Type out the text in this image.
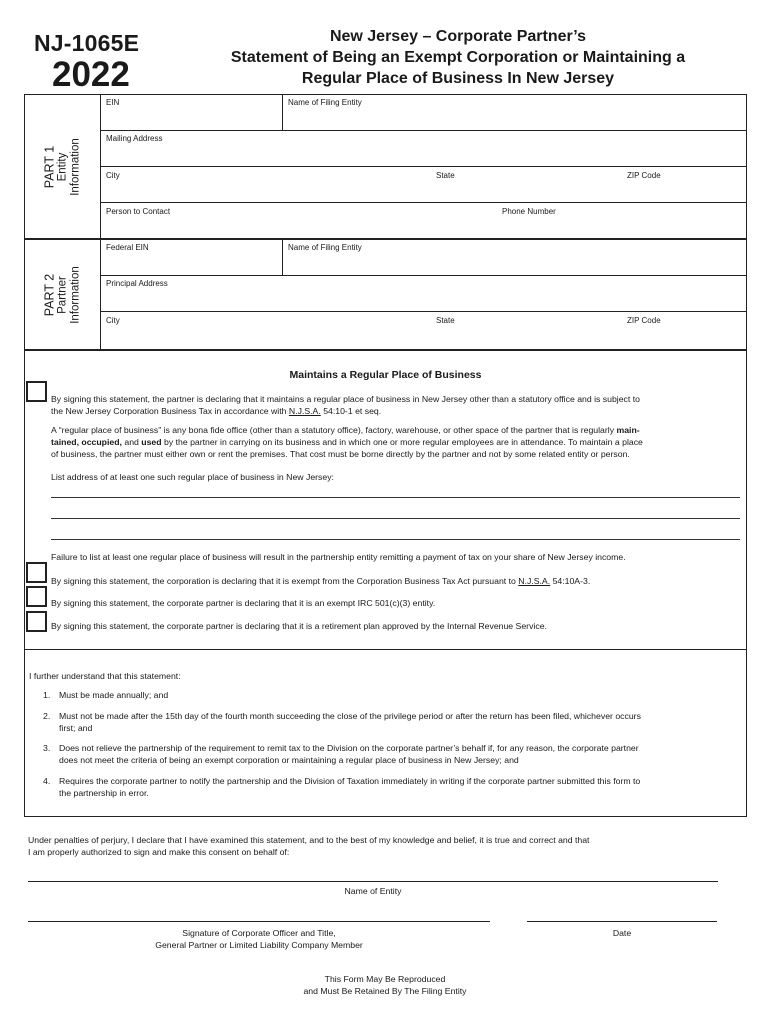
NJ-1065E
2022
New Jersey – Corporate Partner’s
Statement of Being an Exempt Corporation or Maintaining a
Regular Place of Business In New Jersey
PART 1 Entity Information
EIN	Name of Filing Entity
Mailing Address
City	State	ZIP Code
Person to Contact	Phone Number
PART 2 Partner Information
Federal EIN	Name of Filing Entity
Principal Address
City	State	ZIP Code
Maintains a Regular Place of Business
By signing this statement, the partner is declaring that it maintains a regular place of business in New Jersey other than a statutory office and is subject to
the New Jersey Corporation Business Tax in accordance with N.J.S.A. 54:10-1 et seq.
A “regular place of business” is any bona fide office (other than a statutory office), factory, warehouse, or other space of the partner that is regularly main-
tained, occupied, and used by the partner in carrying on its business and in which one or more regular employees are in attendance. To maintain a place
of business, the partner must either own or rent the premises. That cost must be borne directly by the partner and not by some related entity or person.
List address of at least one such regular place of business in New Jersey:
Failure to list at least one regular place of business will result in the partnership entity remitting a payment of tax on your share of New Jersey income.
By signing this statement, the corporation is declaring that it is exempt from the Corporation Business Tax Act pursuant to N.J.S.A. 54:10A-3.
By signing this statement, the corporate partner is declaring that it is an exempt IRC 501(c)(3) entity.
By signing this statement, the corporate partner is declaring that it is a retirement plan approved by the Internal Revenue Service.
I further understand that this statement:
1.	Must be made annually; and
2.	Must not be made after the 15th day of the fourth month succeeding the close of the privilege period or after the return has been filed, whichever occurs
first; and
3.	Does not relieve the partnership of the requirement to remit tax to the Division on the corporate partner’s behalf if, for any reason, the corporate partner
does not meet the criteria of being an exempt corporation or maintaining a regular place of business in New Jersey; and
4.	Requires the corporate partner to notify the partnership and the Division of Taxation immediately in writing if the corporate partner submitted this form to
the partnership in error.
Under penalties of perjury, I declare that I have examined this statement, and to the best of my knowledge and belief, it is true and correct and that
I am properly authorized to sign and make this consent on behalf of:
Name of Entity
Signature of Corporate Officer and Title,
General Partner or Limited Liability Company Member
Date
This Form May Be Reproduced
and Must Be Retained By The Filing Entity
